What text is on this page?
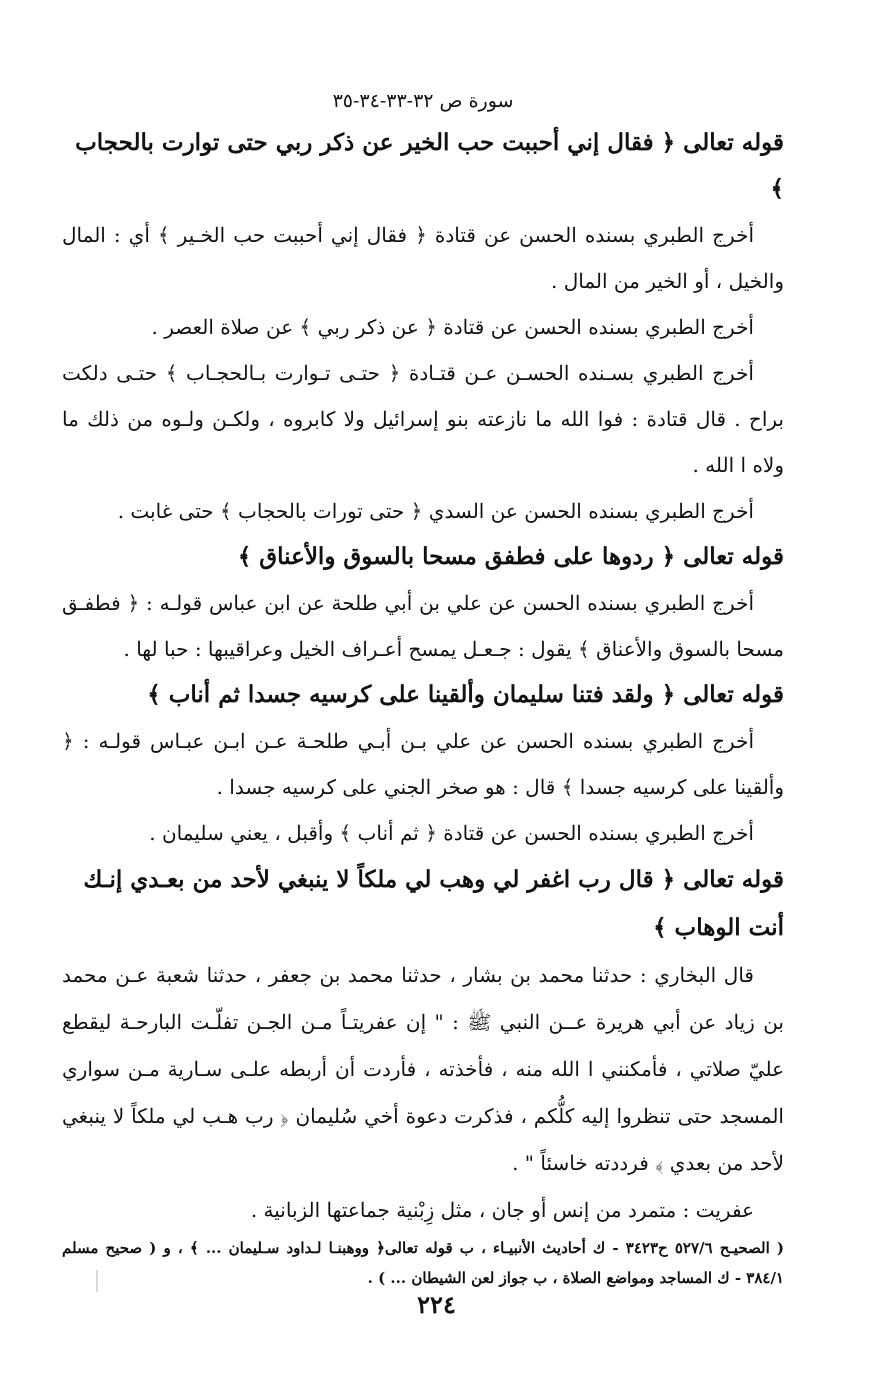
سورة ص ٣٢-٣٣-٣٤-٣٥

قوله تعالى ﴿ فقال إني أحببت حب الخير عن ذكر ربي حتى توارت بالحجاب ﴾

أخرج الطبري بسنده الحسن عن قتادة ﴿ فقال إني أحببت حب الخـير ﴾ أي : المال والخيل ، أو الخير من المال .

أخرج الطبري بسنده الحسن عن قتادة ﴿ عن ذكر ربي ﴾ عن صلاة العصر .

أخرج الطبري بسـنده الحسـن عـن قتـادة ﴿ حتـى تـوارت بـالحجـاب ﴾ حتـى دلكت براح . قال قتادة : فوا الله ما نازعته بنو إسرائيل ولا كابروه ، ولكـن ولـوه من ذلك ما ولاه ا الله .

أخرج الطبري بسنده الحسن عن السدي ﴿ حتى تورات بالحجاب ﴾ حتى غابت .

قوله تعالى ﴿ ردوها على فطفق مسحا بالسوق والأعناق ﴾

أخرج الطبري بسنده الحسن عن علي بن أبي طلحة عن ابن عباس قولـه : ﴿ فطفـق مسحا بالسوق والأعناق ﴾ يقول : جـعـل يمسح أعـراف الخيل وعراقيبها : حبا لها .

قوله تعالى ﴿ ولقد فتنا سليمان وألقينا على كرسيه جسدا ثم أناب ﴾

أخرج الطبري بسنده الحسن عن علي بـن أبـي طلحـة عـن ابـن عبـاس قولـه : ﴿ وألقينا على كرسيه جسدا ﴾ قال : هو صخر الجني على كرسيه جسدا .

أخرج الطبري بسنده الحسن عن قتادة ﴿ ثم أناب ﴾ وأقبل ، يعني سليمان .

قوله تعالى ﴿ قال رب اغفر لي وهب لي ملكاً لا ينبغي لأحد من بعـدي إنـك أنت الوهاب ﴾

قال البخاري : حدثنا محمد بن بشار ، حدثنا محمد بن جعفر ، حدثنا شعبة عـن محمد بن زياد عن أبي هريرة عــن النبي ﷺ : " إن عفريتـاً مـن الجـن تفلّـت البارحـة ليقطع عليّ صلاتي ، فأمكنني ا الله منه ، فأخذته ، فأردت أن أربطه علـى سـارية مـن سواري المسجد حتى تنظروا إليه كلُّكم ، فذكرت دعوة أخي سُليمان ﴿ رب هـب لي ملكاً لا ينبغي لأحد من بعدي ﴾ فرددته خاسئاً " .

عفريت : متمرد من إنس أو جان ، مثل زِبْنية جماعتها الزبانية .

( الصحيـح ٥٢٧/٦ ح٣٤٢٣ - ك أحاديث الأنبيـاء ، ب قوله تعالى﴿ ووهبنـا لـداود سـليمان ... ﴾ ، و ( صحيح مسلم ٣٨٤/١ - ك المساجد ومواضع الصلاة ، ب جواز لعن الشيطان ... ) .

٢٢٤
